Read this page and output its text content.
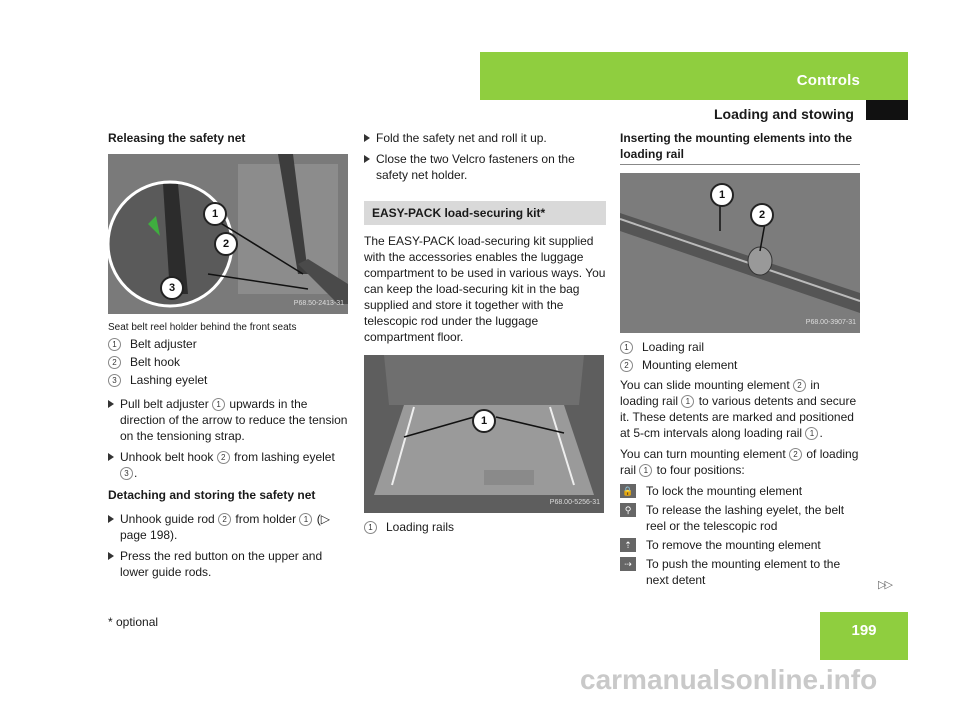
Controls
Loading and stowing
Releasing the safety net
1
2
3
P68.50-2413-31
Seat belt reel holder behind the front seats
1	Belt adjuster
2	Belt hook
3	Lashing eyelet
Pull belt adjuster 1 upwards in the direction of the arrow to reduce the tension on the tensioning strap.
Unhook belt hook 2 from lashing eyelet 3 .
Detaching and storing the safety net
Unhook guide rod 2 from holder 1 (▷ page 198).
Press the red button on the upper and lower guide rods.
Fold the safety net and roll it up.
Close the two Velcro fasteners on the safety net holder.
EASY-PACK load-securing kit*

The EASY-PACK load-securing kit supplied with the accessories enables the luggage compartment to be used in various ways. You can keep the load-securing kit in the bag supplied and store it together with the telescopic rod under the luggage compartment floor.

1
P68.00-5256-31
1	Loading rails
Inserting the mounting elements into the loading rail
1
2
P68.00-3907-31
1	Loading rail
2	Mounting element

You can slide mounting element 2 in loading rail 1 to various detents and secure it. These detents are marked and positioned at 5-cm intervals along loading rail 1 .

You can turn mounting element 2 of loading rail 1 to four positions:

🔒 To lock the mounting element
⚲	To release the lashing eyelet, the belt reel or the telescopic rod
⇡	To remove the mounting element
⇢	To push the mounting element to the next detent	▷▷
199
* optional
carmanualsonline.info
